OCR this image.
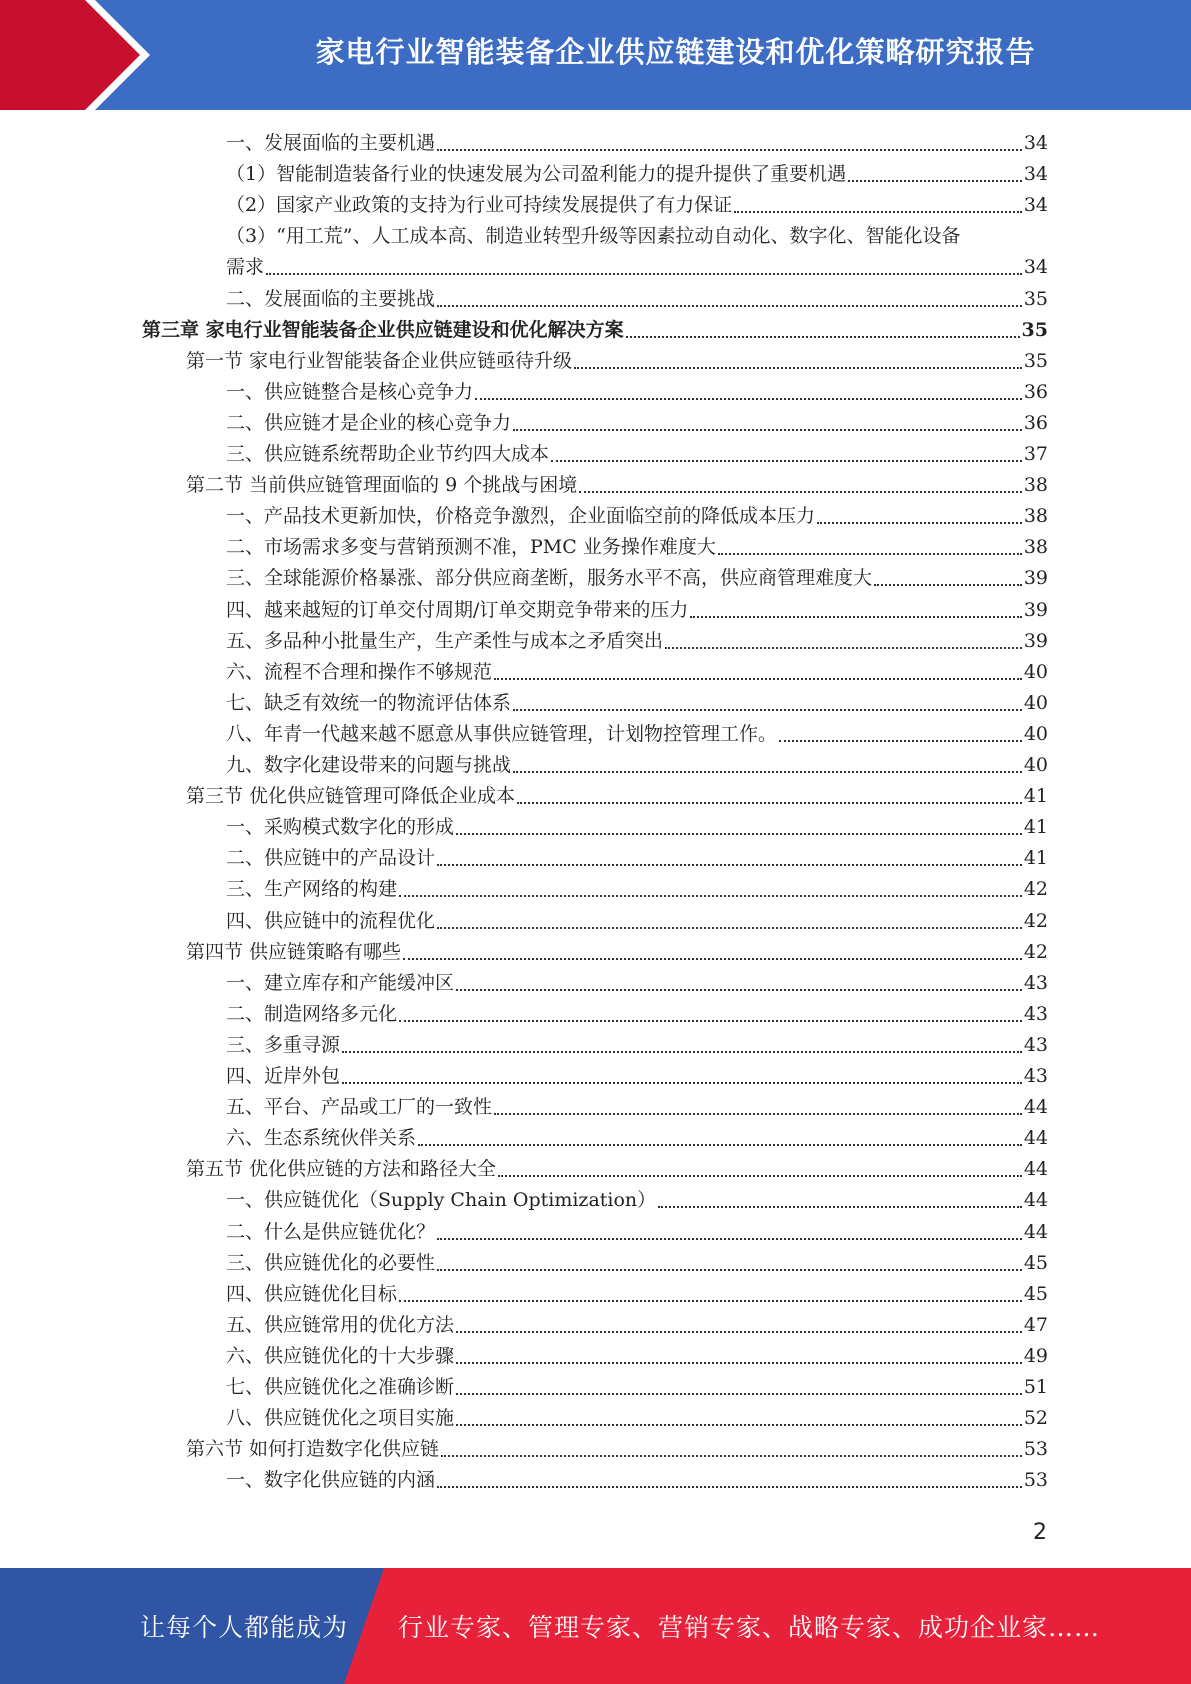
家电行业智能装备企业供应链建设和优化策略研究报告
一、发展面临的主要机遇	34
（1）智能制造装备行业的快速发展为公司盈利能力的提升提供了重要机遇	34
（2）国家产业政策的支持为行业可持续发展提供了有力保证	34
（3）“用工荒”、人工成本高、制造业转型升级等因素拉动自动化、数字化、智能化设备
需求	34
二、发展面临的主要挑战	35
第三章 家电行业智能装备企业供应链建设和优化解决方案	35
第一节 家电行业智能装备企业供应链亟待升级	35
一、供应链整合是核心竞争力	36
二、供应链才是企业的核心竞争力	36
三、供应链系统帮助企业节约四大成本	37
第二节 当前供应链管理面临的 9 个挑战与困境	38
一、产品技术更新加快，价格竞争激烈，企业面临空前的降低成本压力	38
二、市场需求多变与营销预测不准，PMC 业务操作难度大	38
三、全球能源价格暴涨、部分供应商垄断，服务水平不高，供应商管理难度大	39
四、越来越短的订单交付周期/订单交期竞争带来的压力	39
五、多品种小批量生产，生产柔性与成本之矛盾突出	39
六、流程不合理和操作不够规范	40
七、缺乏有效统一的物流评估体系	40
八、年青一代越来越不愿意从事供应链管理，计划物控管理工作。	40
九、数字化建设带来的问题与挑战	40
第三节 优化供应链管理可降低企业成本	41
一、采购模式数字化的形成	41
二、供应链中的产品设计	41
三、生产网络的构建	42
四、供应链中的流程优化	42
第四节 供应链策略有哪些	42
一、建立库存和产能缓冲区	43
二、制造网络多元化	43
三、多重寻源	43
四、近岸外包	43
五、平台、产品或工厂的一致性	44
六、生态系统伙伴关系	44
第五节 优化供应链的方法和路径大全	44
一、供应链优化（Supply Chain Optimization）	44
二、什么是供应链优化？	44
三、供应链优化的必要性	45
四、供应链优化目标	45
五、供应链常用的优化方法	47
六、供应链优化的十大步骤	49
七、供应链优化之准确诊断	51
八、供应链优化之项目实施	52
第六节 如何打造数字化供应链	53
一、数字化供应链的内涵	53
2
让每个人都能成为 行业专家、管理专家、营销专家、战略专家、成功企业家……
